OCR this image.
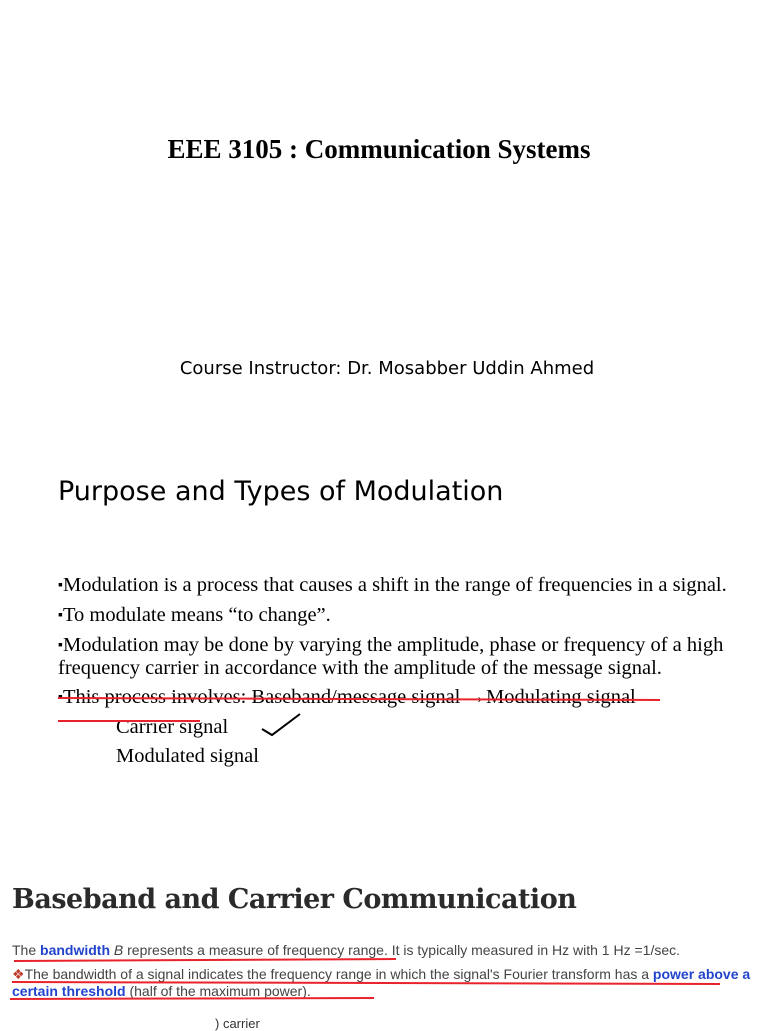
EEE 3105 : Communication Systems
Course Instructor: Dr. Mosabber Uddin Ahmed
Purpose and Types of Modulation
▪Modulation is a process that causes a shift in the range of frequencies in a signal.
▪To modulate means “to change”.
▪Modulation may be done by varying the amplitude, phase or frequency of a high frequency carrier in accordance with the amplitude of the message signal.
▪This process involves: Baseband/message signal →Modulating signal
Carrier signal
Modulated signal
Baseband and Carrier Communication
The bandwidth B represents a measure of frequency range. It is typically measured in Hz with 1 Hz =1/sec.
❖The bandwidth of a signal indicates the frequency range in which the signal's Fourier transform has a power above a certain threshold (half of the maximum power).
) carrier
